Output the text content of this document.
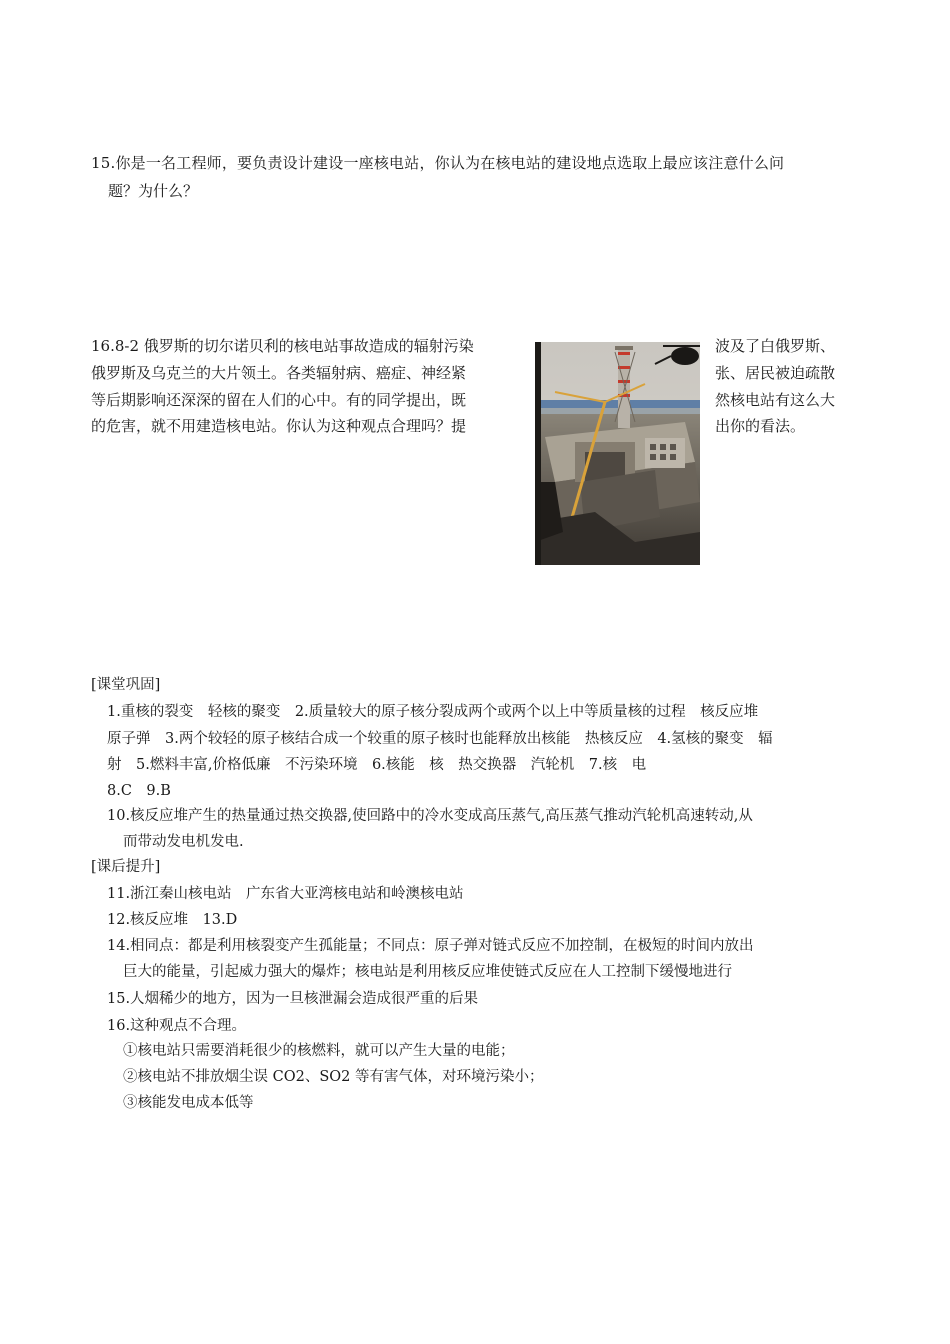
15.你是一名工程师，要负责设计建设一座核电站，你认为在核电站的建设地点选取上最应该注意什么问
题？为什么？
16.8-2 俄罗斯的切尔诺贝利的核电站事故造成的辐射污染
俄罗斯及乌克兰的大片领土。各类辐射病、癌症、神经紧
等后期影响还深深的留在人们的心中。有的同学提出，既
的危害，就不用建造核电站。你认为这种观点合理吗？提
波及了白俄罗斯、
张、居民被迫疏散
然核电站有这么大
出你的看法。
[课堂巩固]
1.重核的裂变　轻核的聚变　2.质量较大的原子核分裂成两个或两个以上中等质量核的过程　核反应堆
原子弹　3.两个较轻的原子核结合成一个较重的原子核时也能释放出核能　热核反应　4.氢核的聚变　辐
射　5.燃料丰富,价格低廉　不污染环境　6.核能　核　热交换器　汽轮机　7.核　电
8.C　9.B
10.核反应堆产生的热量通过热交换器,使回路中的冷水变成高压蒸气,高压蒸气推动汽轮机高速转动,从
而带动发电机发电.
[课后提升]
11.浙江秦山核电站　广东省大亚湾核电站和岭澳核电站
12.核反应堆　13.D
14.相同点：都是利用核裂变产生孤能量；不同点：原子弹对链式反应不加控制，在极短的时间内放出
巨大的能量，引起威力强大的爆炸；核电站是利用核反应堆使链式反应在人工控制下缓慢地进行
15.人烟稀少的地方，因为一旦核泄漏会造成很严重的后果
16.这种观点不合理。
①核电站只需要消耗很少的核燃料，就可以产生大量的电能；
②核电站不排放烟尘误 CO2、SO2 等有害气体，对环境污染小；
③核能发电成本低等
